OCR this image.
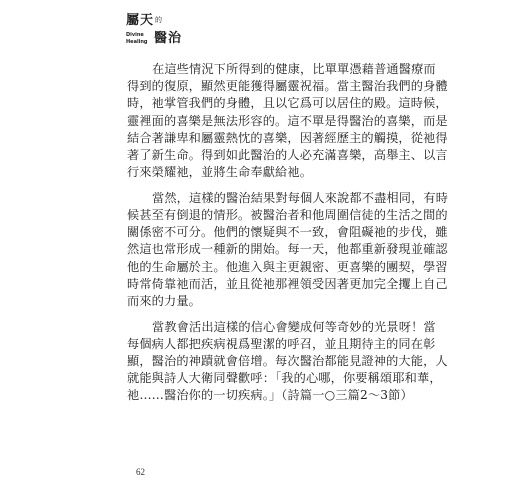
屬天 的
Divine Healing 醫治
在這些情況下所得到的健康，比單單憑藉普通醫療而
得到的復原，顯然更能獲得屬靈祝福。當主醫治我們的身體
時，祂掌管我們的身體，且以它爲可以居住的殿。這時候，
靈裡面的喜樂是無法形容的。這不單是得醫治的喜樂，而是
結合著謙卑和屬靈熱忱的喜樂，因著經歷主的觸摸，從祂得
著了新生命。得到如此醫治的人必充滿喜樂，高舉主、以言
行來榮耀祂，並將生命奉獻給祂。
當然，這樣的醫治結果對每個人來說都不盡相同，有時
候甚至有倒退的情形。被醫治者和他周圍信徒的生活之間的
關係密不可分。他們的懷疑與不一致，會阻礙祂的步伐，雖
然這也常形成一種新的開始。每一天，他都重新發現並確認
他的生命屬於主。他進入與主更親密、更喜樂的團契，學習
時常倚靠祂而活，並且從祂那裡領受因著更加完全攫上自己
而來的力量。
當教會活出這樣的信心會變成何等奇妙的光景呀！當
每個病人都把疾病視爲聖潔的呼召，並且期待主的同在彰
顯，醫治的神蹟就會倍增。每次醫治都能見證神的大能，人
就能與詩人大衛同聲歡呼：「我的心哪，你要稱頌耶和華，
祂……醫治你的一切疾病。」（詩篇一○三篇2～3節）
62
